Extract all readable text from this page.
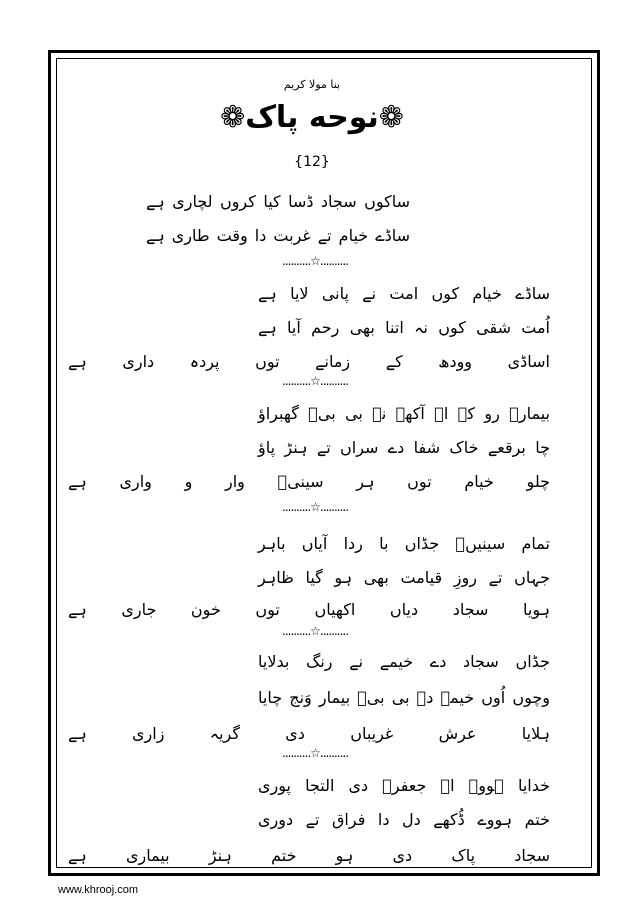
بنا مولا کریم
❁نوحه پاک❁
{12}
ساکوں سجاد ڈسا کیا کروں لچاری ہے
ساڈے خیام تے غربت دا وقت طاری ہے
..........☆..........
ساڈے خیام کوں امت نے پانی لایا ہے
اُمت شقی کوں نہ اتنا بھی رحم آیا ہے
اساڈی وودھ کے زمانے توں پردہ داری ہے
..........☆..........
بیمارؑ رو کے اے آکھے نہ بی بیؑ گھبراؤ
چا برقعے خاک شفا دے سراں تے ہنڑ پاؤ
چلو خیام توں ہر سینیؑ وار و واری ہے
..........☆..........
تمام سینیںؑ جڈاں با ردا آیاں باہر
جہاں تے روزِ قیامت بھی ہو گیا ظاہر
ہویا سجاد دیاں اکھیاں توں خون جاری ہے
..........☆..........
جڈاں سجاد دے خیمے نے رنگ بدلایا
وچوں اُوں خیمے دے بی بیؑ بیمار وَنج چایا
ہلایا عرش غریباں دی گریہ زاری ہے
..........☆..........
خدایا ہووے اے جعفرؑ دی التجا پوری
ختم ہووے ڈُکھے دل دا فراق تے دوری
سجاد پاک دی ہو ختم ہنڑ بیماری ہے
www.khrooj.com
